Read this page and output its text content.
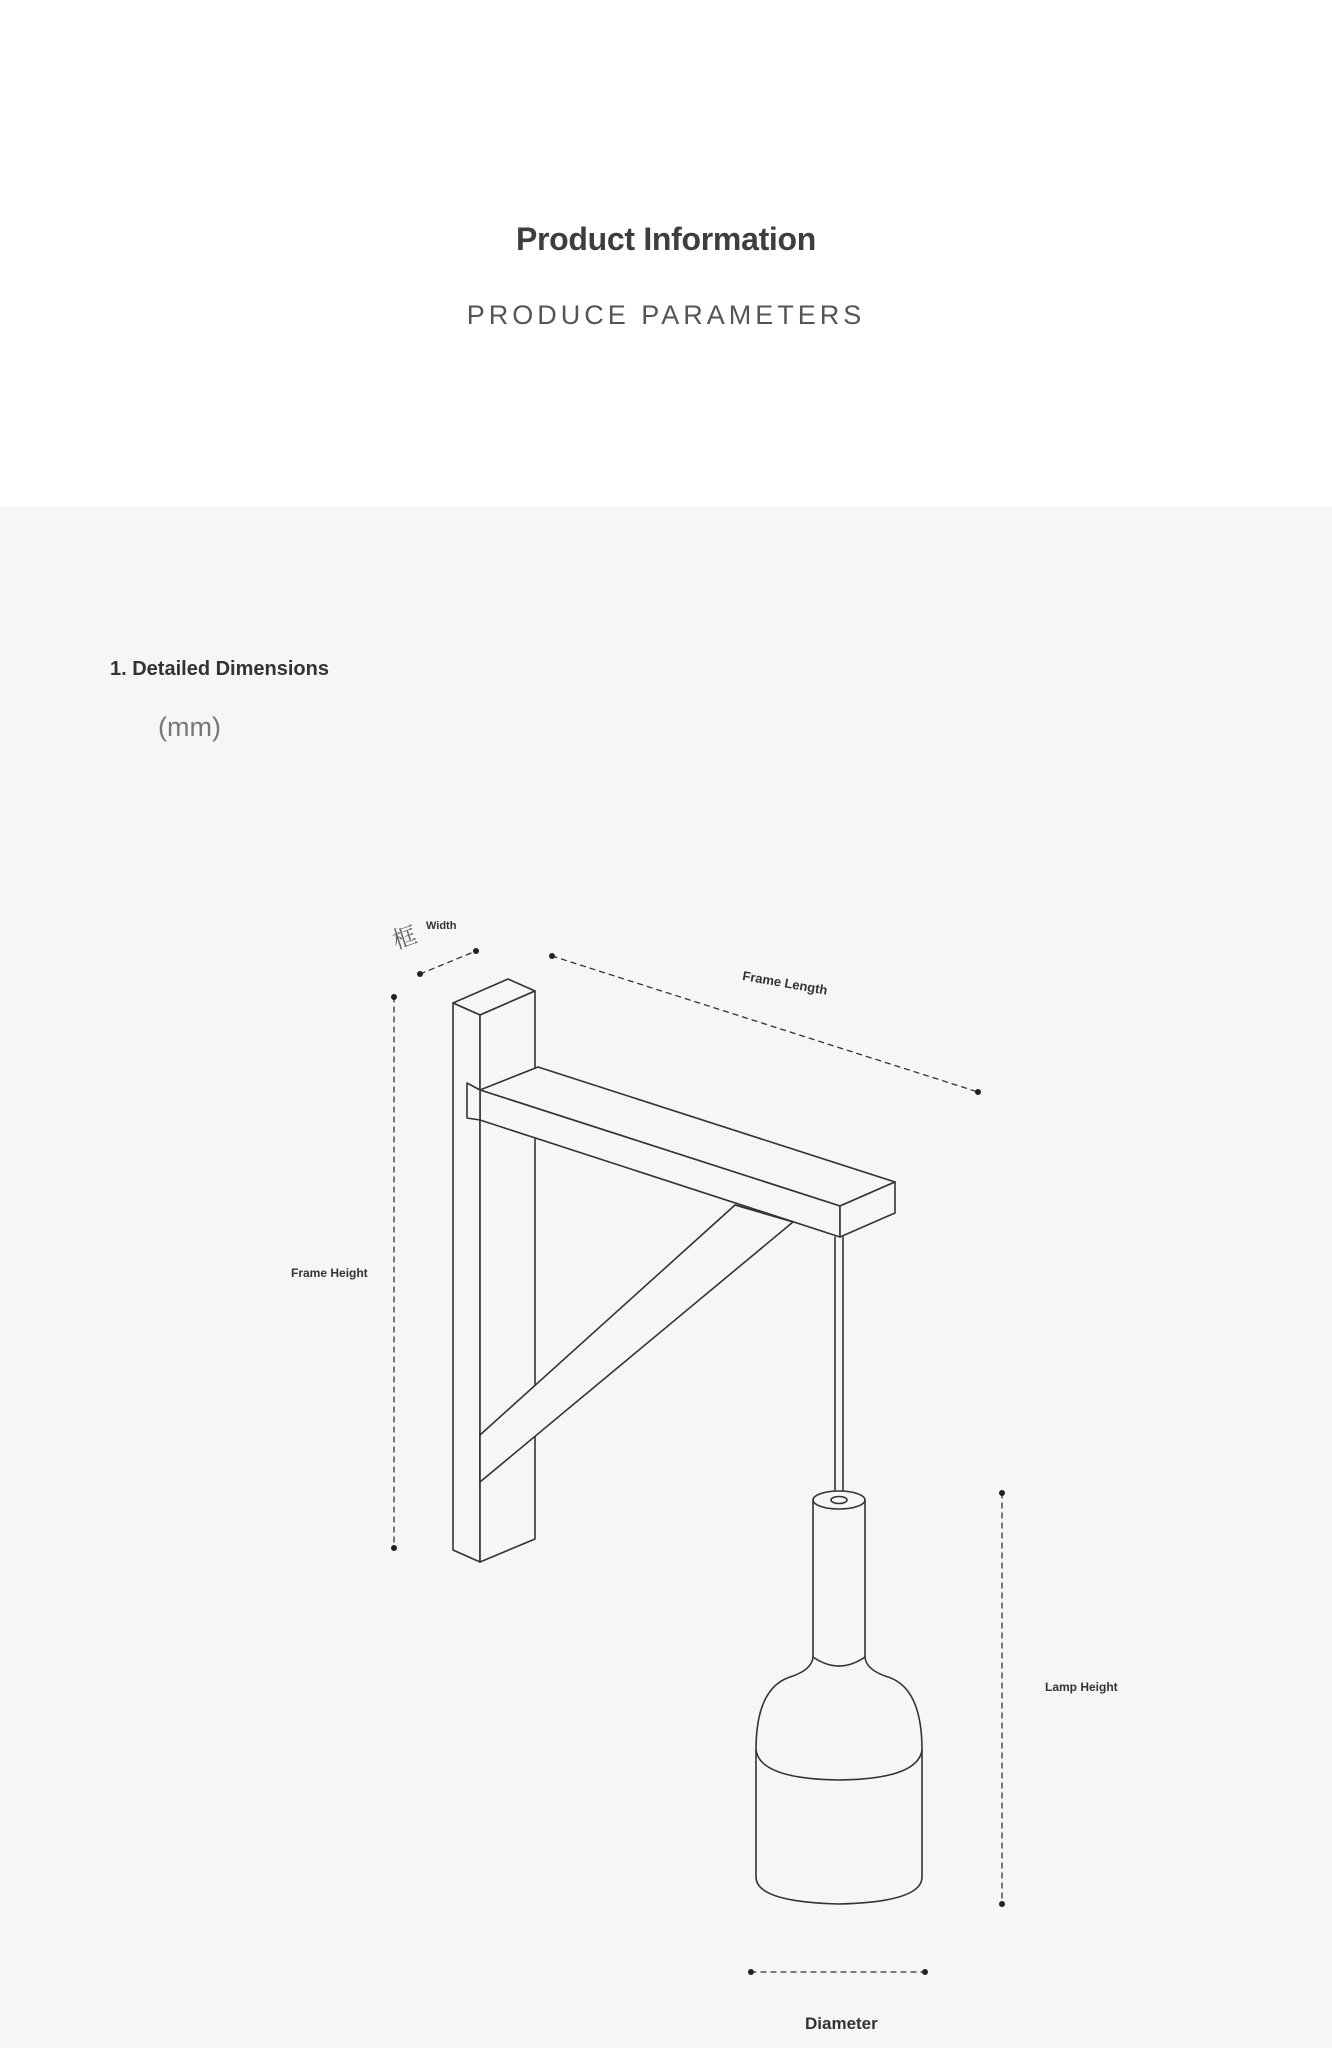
Product Information
PRODUCE PARAMETERS
1. Detailed Dimensions
(mm)
框 Width
Frame Length
Frame Height
Lamp Height
Diameter
